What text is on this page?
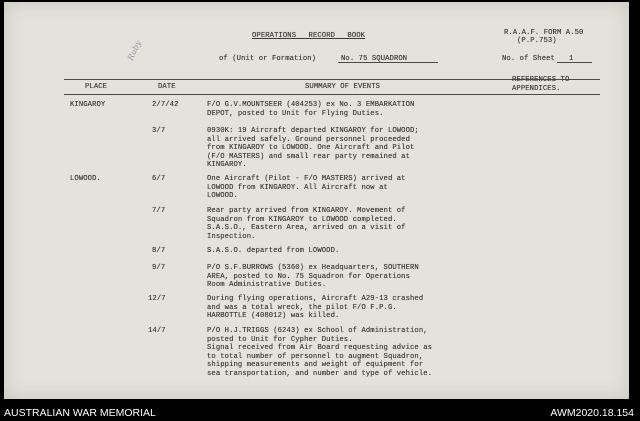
OPERATIONS RECORD BOOK	R.A.A.F. FORM A.50
(P.P.753)
Ruby	of (Unit or Formation)	No. 75 SQUADRON	No. of Sheet 1
PLACE	DATE	SUMMARY OF EVENTS
REFERENCES TO
APPENDICES.
KINGAROY	2/7/42	F/O G.V.MOUNTSEER (404253) ex No. 3 EMBARKATION
DEPOT, posted to Unit for Flying Duties.
3/7	0930K: 19 Aircraft departed KINGAROY for LOWOOD;
all arrived safely. Ground personnel proceeded
from KINGAROY to LOWOOD. One Aircraft and Pilot
(F/O MASTERS) and small rear party remained at
KINGAROY.
LOWOOD.	6/7	One Aircraft (Pilot - F/O MASTERS) arrived at
LOWOOD from KINGAROY. All Aircraft now at
LOWOOD.
7/7	Rear party arrived from KINGAROY. Movement of
Squadron from KINGAROY to LOWOOD completed.
S.A.S.O., Eastern Area, arrived on a visit of
Inspection.
8/7	S.A.S.O. departed from LOWOOD.
9/7	P/O S.F.BURROWS (5360) ex Headquarters, SOUTHERN
AREA, posted to No. 75 Squadron for Operations
Room Administrative Duties.
12/7	During flying operations, Aircraft A29-13 crashed
and was a total wreck, the pilot F/O F.P.G.
HARBOTTLE (408012) was killed.
14/7	P/O H.J.TRIGGS (6243) ex School of Administration,
posted to Unit for Cypher Duties.
Signal received from Air Board requesting advice as
to total number of personnel to augment Squadron,
shipping measurements and weight of equipment for
sea transportation, and number and type of vehicle.
AUSTRALIAN WAR MEMORIAL	AWM2020.18.154
